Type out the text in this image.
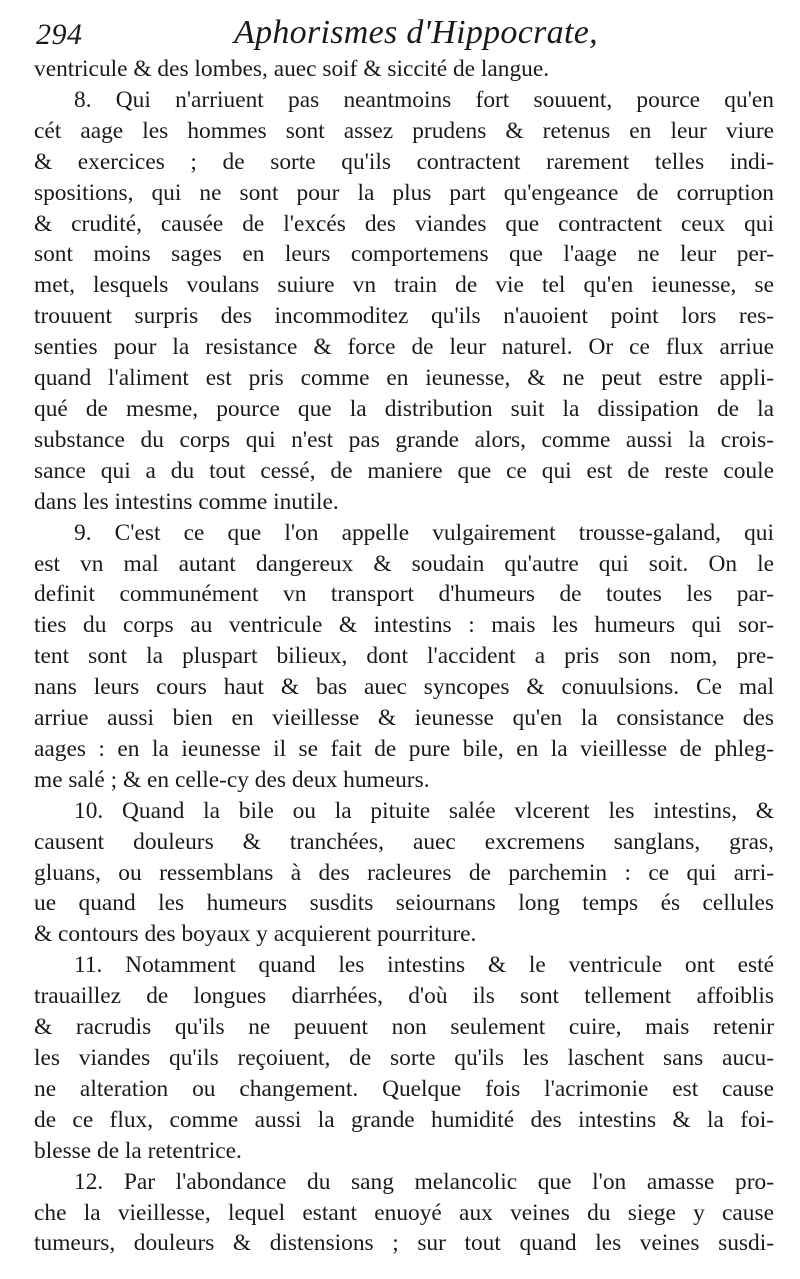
294	Aphorismes d'Hippocrate,
ventricule & des lombes, auec soif & siccité de langue.
8. Qui n'arriuent pas neantmoins fort souuent, pource qu'en
cét aage les hommes sont assez prudens & retenus en leur viure
& exercices ; de sorte qu'ils contractent rarement telles indi-
spositions, qui ne sont pour la plus part qu'engeance de corruption
& crudité, causée de l'excés des viandes que contractent ceux qui
sont moins sages en leurs comportemens que l'aage ne leur per-
met, lesquels voulans suiure vn train de vie tel qu'en ieunesse, se
trouuent surpris des incommoditez qu'ils n'auoient point lors res-
senties pour la resistance & force de leur naturel. Or ce flux arriue
quand l'aliment est pris comme en ieunesse, & ne peut estre appli-
qué de mesme, pource que la distribution suit la dissipation de la
substance du corps qui n'est pas grande alors, comme aussi la crois-
sance qui a du tout cessé, de maniere que ce qui est de reste coule
dans les intestins comme inutile.
9. C'est ce que l'on appelle vulgairement trousse-galand, qui
est vn mal autant dangereux & soudain qu'autre qui soit. On le
definit communément vn transport d'humeurs de toutes les par-
ties du corps au ventricule & intestins : mais les humeurs qui sor-
tent sont la pluspart bilieux, dont l'accident a pris son nom, pre-
nans leurs cours haut & bas auec syncopes & conuulsions. Ce mal
arriue aussi bien en vieillesse & ieunesse qu'en la consistance des
aages : en la ieunesse il se fait de pure bile, en la vieillesse de phleg-
me salé ; & en celle-cy des deux humeurs.
10. Quand la bile ou la pituite salée vlcerent les intestins, &
causent douleurs & tranchées, auec excremens sanglans, gras,
gluans, ou ressemblans à des racleures de parchemin : ce qui arri-
ue quand les humeurs susdits seiournans long temps és cellules
& contours des boyaux y acquierent pourriture.
11. Notamment quand les intestins & le ventricule ont esté
trauaillez de longues diarrhées, d'où ils sont tellement affoiblis
& racrudis qu'ils ne peuuent non seulement cuire, mais retenir
les viandes qu'ils reçoiuent, de sorte qu'ils les laschent sans aucu-
ne alteration ou changement. Quelque fois l'acrimonie est cause
de ce flux, comme aussi la grande humidité des intestins & la foi-
blesse de la retentrice.
12. Par l'abondance du sang melancolic que l'on amasse pro-
che la vieillesse, lequel estant enuoyé aux veines du siege y cause
tumeurs, douleurs & distensions ; sur tout quand les veines susdi-
